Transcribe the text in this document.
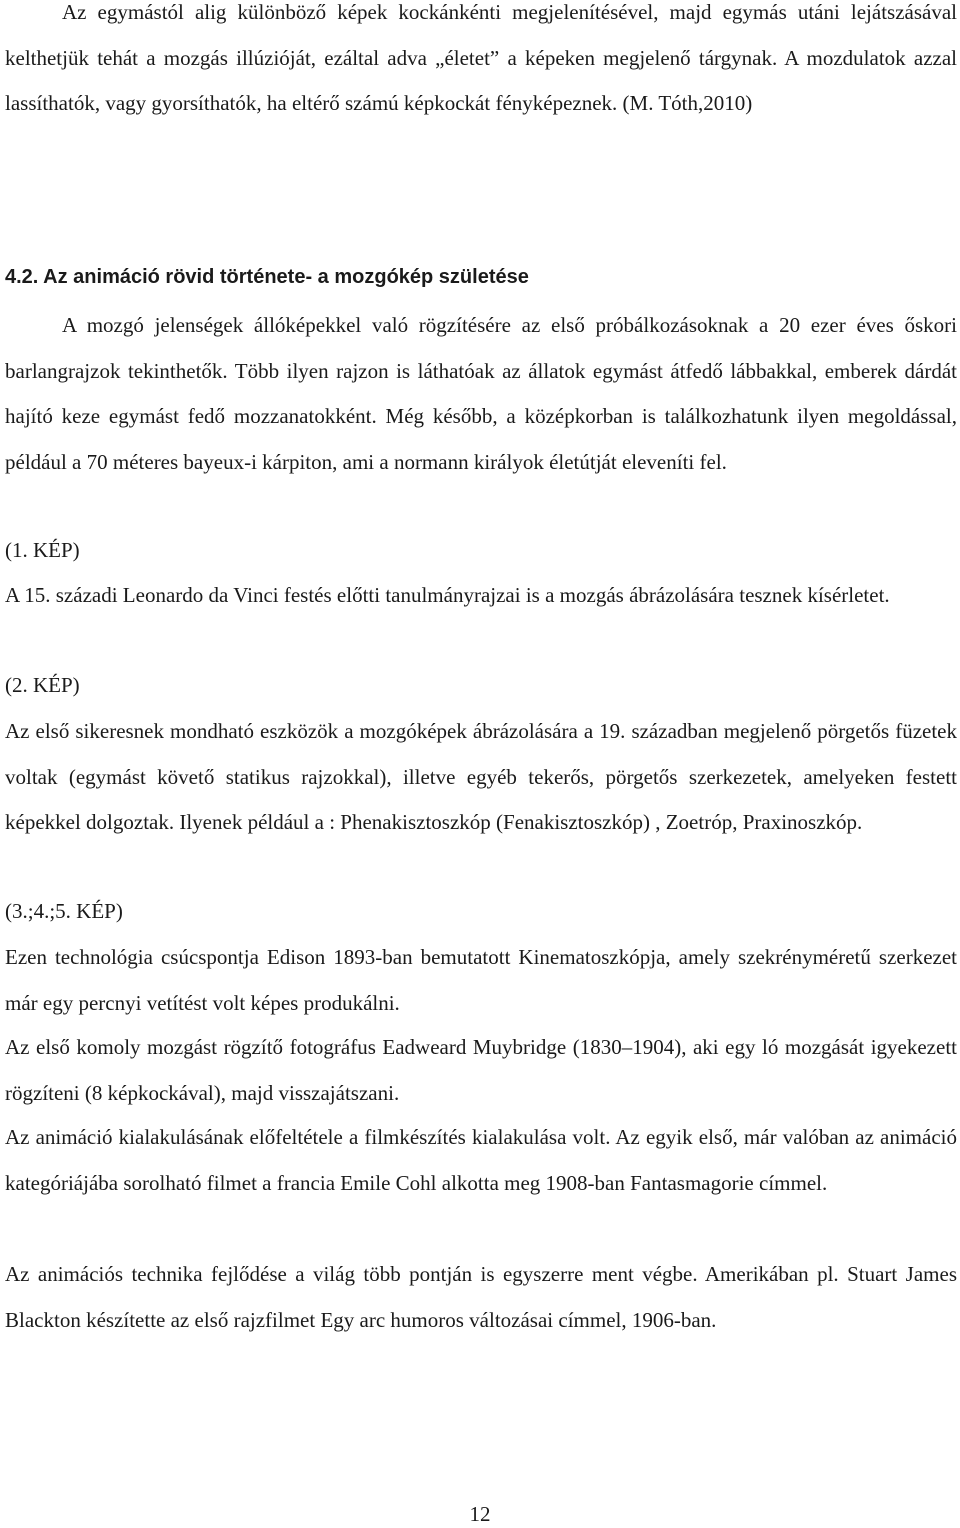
Az egymástól alig különböző képek kockánkénti megjelenítésével, majd egymás utáni lejátszásával kelthetjük tehát a mozgás illúzióját, ezáltal adva „életet” a képeken megjelenő tárgynak. A mozdulatok azzal lassíthatók, vagy gyorsíthatók, ha eltérő számú képkockát fényképeznek. (M. Tóth,2010)

4.2. Az animáció rövid története- a mozgókép születése

A mozgó jelenségek állóképekkel való rögzítésére az első próbálkozásoknak a 20 ezer éves őskori barlangrajzok tekinthetők. Több ilyen rajzon is láthatóak az állatok egymást átfedő lábbakkal, emberek dárdát hajító keze egymást fedő mozzanatokként. Még később, a középkorban is találkozhatunk ilyen megoldással, például a 70 méteres bayeux-i kárpiton, ami a normann királyok életútját eleveníti fel.

(1. KÉP)

A 15. századi Leonardo da Vinci festés előtti tanulmányrajzai is a mozgás ábrázolására tesznek kísérletet.

(2. KÉP)

Az első sikeresnek mondható eszközök a mozgóképek ábrázolására a 19. században megjelenő pörgetős füzetek voltak (egymást követő statikus rajzokkal), illetve egyéb tekerős, pörgetős szerkezetek, amelyeken festett képekkel dolgoztak. Ilyenek például a : Phenakisztoszkóp (Fenakisztoszkóp) , Zoetróp, Praxinoszkóp.

(3.;4.;5. KÉP)

Ezen technológia csúcspontja Edison 1893-ban bemutatott Kinematoszkópja, amely szekrényméretű szerkezet már egy percnyi vetítést volt képes produkálni.

Az első komoly mozgást rögzítő fotográfus Eadweard Muybridge (1830–1904), aki egy ló mozgását igyekezett rögzíteni (8 képkockával), majd visszajátszani.

Az animáció kialakulásának előfeltétele a filmkészítés kialakulása volt. Az egyik első, már valóban az animáció kategóriájába sorolható filmet a francia Emile Cohl alkotta meg 1908-ban Fantasmagorie címmel.

Az animációs technika fejlődése a világ több pontján is egyszerre ment végbe. Amerikában pl. Stuart James Blackton készítette az első rajzfilmet Egy arc humoros változásai címmel, 1906-ban.

12
